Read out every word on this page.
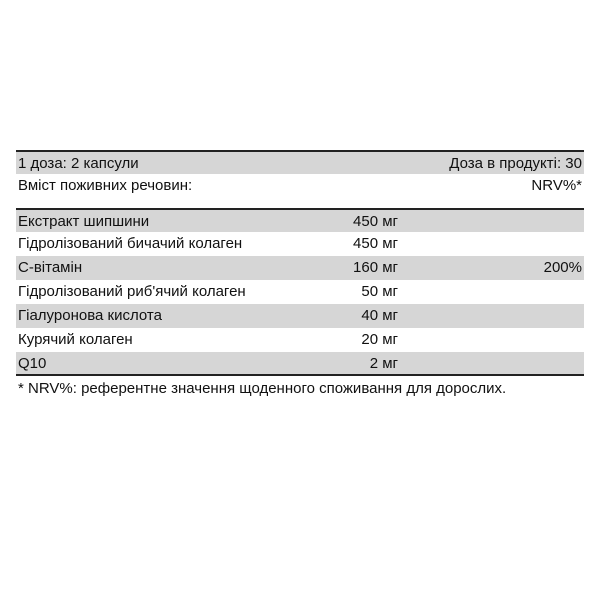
1 доза: 2 капсули	Доза в продукті: 30
Вміст поживних речовин:	NRV%*
Екстракт шипшини	450 мг
Гідролізований бичачий колаген	450 мг
C-вітамін	160 мг	200%
Гідролізований риб'ячий колаген	50 мг
Гіалуронова кислота	40 мг
Курячий колаген	20 мг
Q10	2 мг
* NRV%: референтне значення щоденного споживання для дорослих.
